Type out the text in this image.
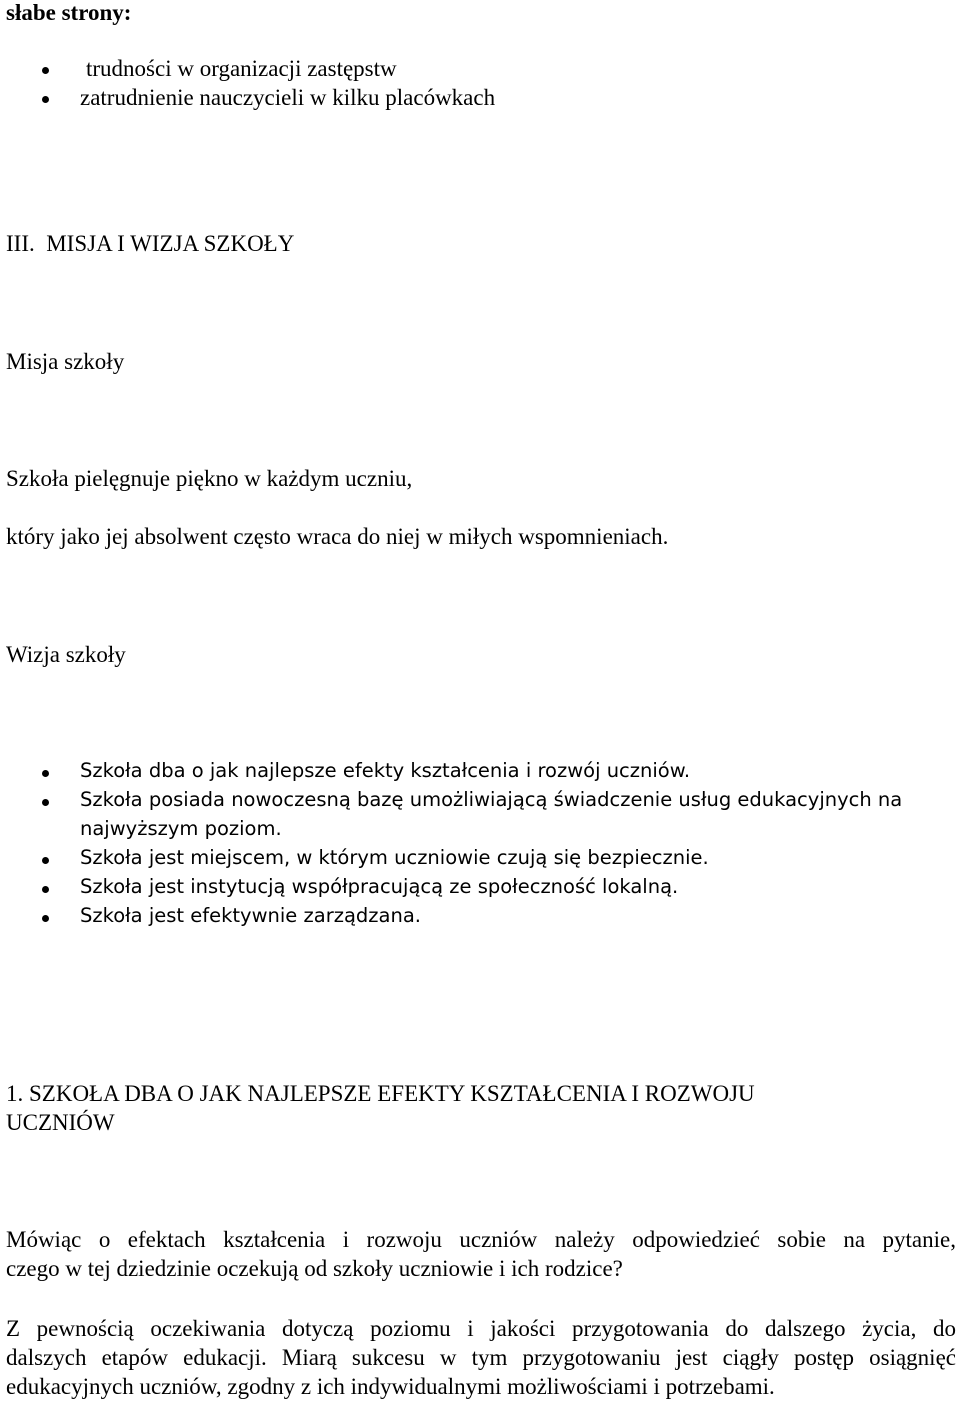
słabe strony:
trudności w organizacji zastępstw
zatrudnienie nauczycieli w kilku placówkach
III.  MISJA I WIZJA SZKOŁY
Misja szkoły
Szkoła pielęgnuje piękno w każdym uczniu,
który jako jej absolwent często wraca do niej w miłych wspomnieniach.
Wizja szkoły
Szkoła dba o jak najlepsze efekty kształcenia i rozwój uczniów.
Szkoła posiada nowoczesną bazę umożliwiającą świadczenie usług edukacyjnych na
najwyższym poziom.
Szkoła jest miejscem, w którym uczniowie czują się bezpiecznie.
Szkoła jest instytucją współpracującą ze społeczność lokalną.
Szkoła jest efektywnie zarządzana.
1. SZKOŁA DBA O JAK NAJLEPSZE EFEKTY KSZTAŁCENIA I ROZWOJU
UCZNIÓW
Mówiąc o efektach kształcenia i rozwoju uczniów należy odpowiedzieć sobie na pytanie,
czego w tej dziedzinie oczekują od szkoły uczniowie i ich rodzice?
Z pewnością oczekiwania dotyczą poziomu i jakości przygotowania do dalszego życia, do
dalszych etapów edukacji. Miarą sukcesu w tym przygotowaniu jest ciągły postęp osiągnięć
edukacyjnych uczniów, zgodny z ich indywidualnymi możliwościami i potrzebami.
